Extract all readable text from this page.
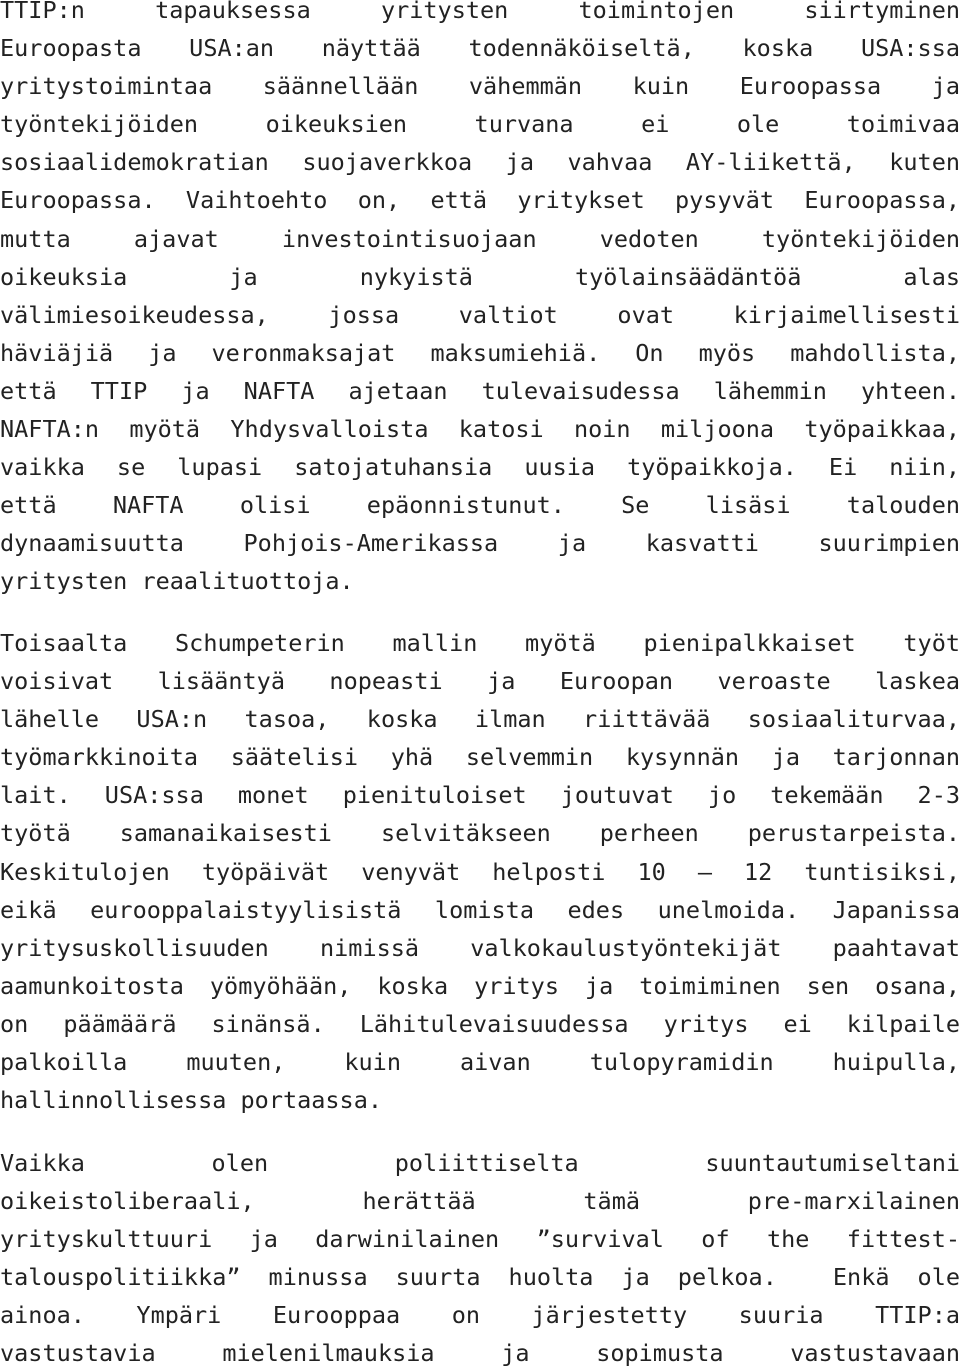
TTIP:n tapauksessa yritysten toimintojen siirtyminen
Euroopasta USA:an näyttää todennäköiseltä, koska USA:ssa
yritystoimintaa säännellään vähemmän kuin Euroopassa ja
työntekijöiden oikeuksien turvana ei ole toimivaa
sosiaalidemokratian suojaverkkoa ja vahvaa AY-liikettä, kuten
Euroopassa. Vaihtoehto on, että yritykset pysyvät Euroopassa,
mutta ajavat investointisuojaan vedoten työntekijöiden
oikeuksia ja nykyistä työlainsäädäntöä alas
välimiesoikeudessa, jossa valtiot ovat kirjaimellisesti
häviäjiä ja veronmaksajat maksumiehiä. On myös mahdollista,
että TTIP ja NAFTA ajetaan tulevaisudessa lähemmin yhteen.
NAFTA:n myötä Yhdysvalloista katosi noin miljoona työpaikkaa,
vaikka se lupasi satojatuhansia uusia työpaikkoja. Ei niin,
että NAFTA olisi epäonnistunut. Se lisäsi talouden
dynaamisuutta Pohjois-Amerikassa ja kasvatti suurimpien
yritysten reaalituottoja.

Toisaalta Schumpeterin mallin myötä pienipalkkaiset työt
voisivat lisääntyä nopeasti ja Euroopan veroaste laskea
lähelle USA:n tasoa, koska ilman riittävää sosiaaliturvaa,
työmarkkinoita säätelisi yhä selvemmin kysynnän ja tarjonnan
lait. USA:ssa monet pienituloiset joutuvat jo tekemään 2-3
työtä samanaikaisesti selvitäkseen perheen perustarpeista.
Keskitulojen työpäivät venyvät helposti 10 – 12 tuntisiksi,
eikä eurooppalaistyylisistä lomista edes unelmoida. Japanissa
yritysuskollisuuden nimissä valkokaulustyöntekijät paahtavat
aamunkoitosta yömyöhään, koska yritys ja toimiminen sen osana,
on päämäärä sinänsä. Lähitulevaisuudessa yritys ei kilpaile
palkoilla muuten, kuin aivan tulopyramidin huipulla,
hallinnollisessa portaassa.

Vaikka olen poliittiselta suuntautumiseltani
oikeistoliberaali, herättää tämä pre-marxilainen
yrityskulttuuri ja darwinilainen ”survival of the fittest-
talouspolitiikka” minussa suurta huolta ja pelkoa.  Enkä ole
ainoa. Ympäri Eurooppaa on järjestetty suuria TTIP:a
vastustavia mielenilmauksia ja sopimusta vastustavaan
